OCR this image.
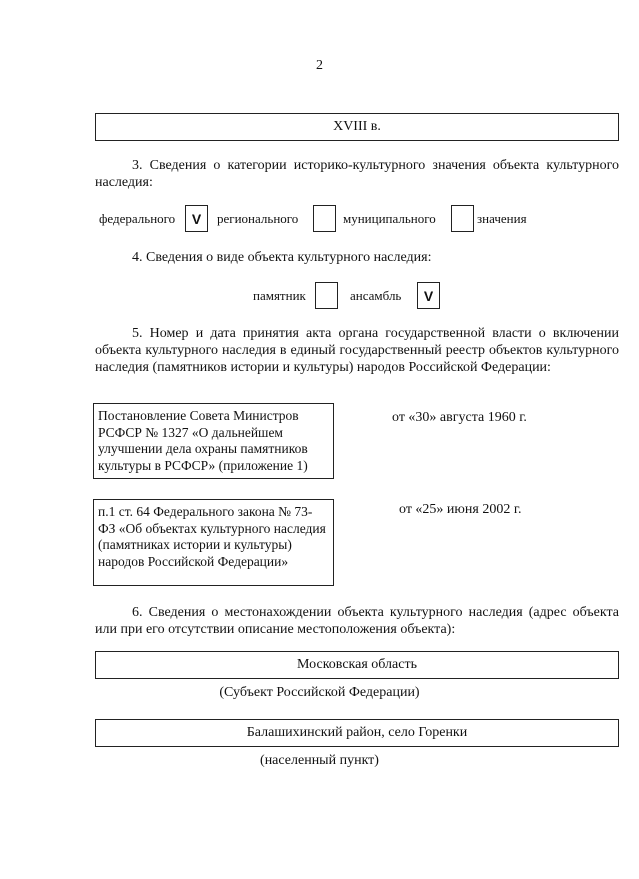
2
XVIII в.
3. Сведения о категории историко-культурного значения объекта культурного наследия:
федерального V регионального	муниципального	значения
4. Сведения о виде объекта культурного наследия:
памятник	ансамбль V
5. Номер и дата принятия акта органа государственной власти о включении объекта культурного наследия в единый государственный реестр объектов культурного наследия (памятников истории и культуры) народов Российской Федерации:
Постановление Совета Министров РСФСР № 1327 «О дальнейшем улучшении дела охраны памятников культуры в РСФСР» (приложение 1)
от «30» августа 1960 г.
п.1 ст. 64 Федерального закона № 73-ФЗ «Об объектах культурного наследия (памятниках истории и культуры) народов Российской Федерации»
от «25» июня 2002 г.
6. Сведения о местонахождении объекта культурного наследия (адрес объекта или при его отсутствии описание местоположения объекта):
Московская область
(Субъект Российской Федерации)
Балашихинский район, село Горенки
(населенный пункт)
